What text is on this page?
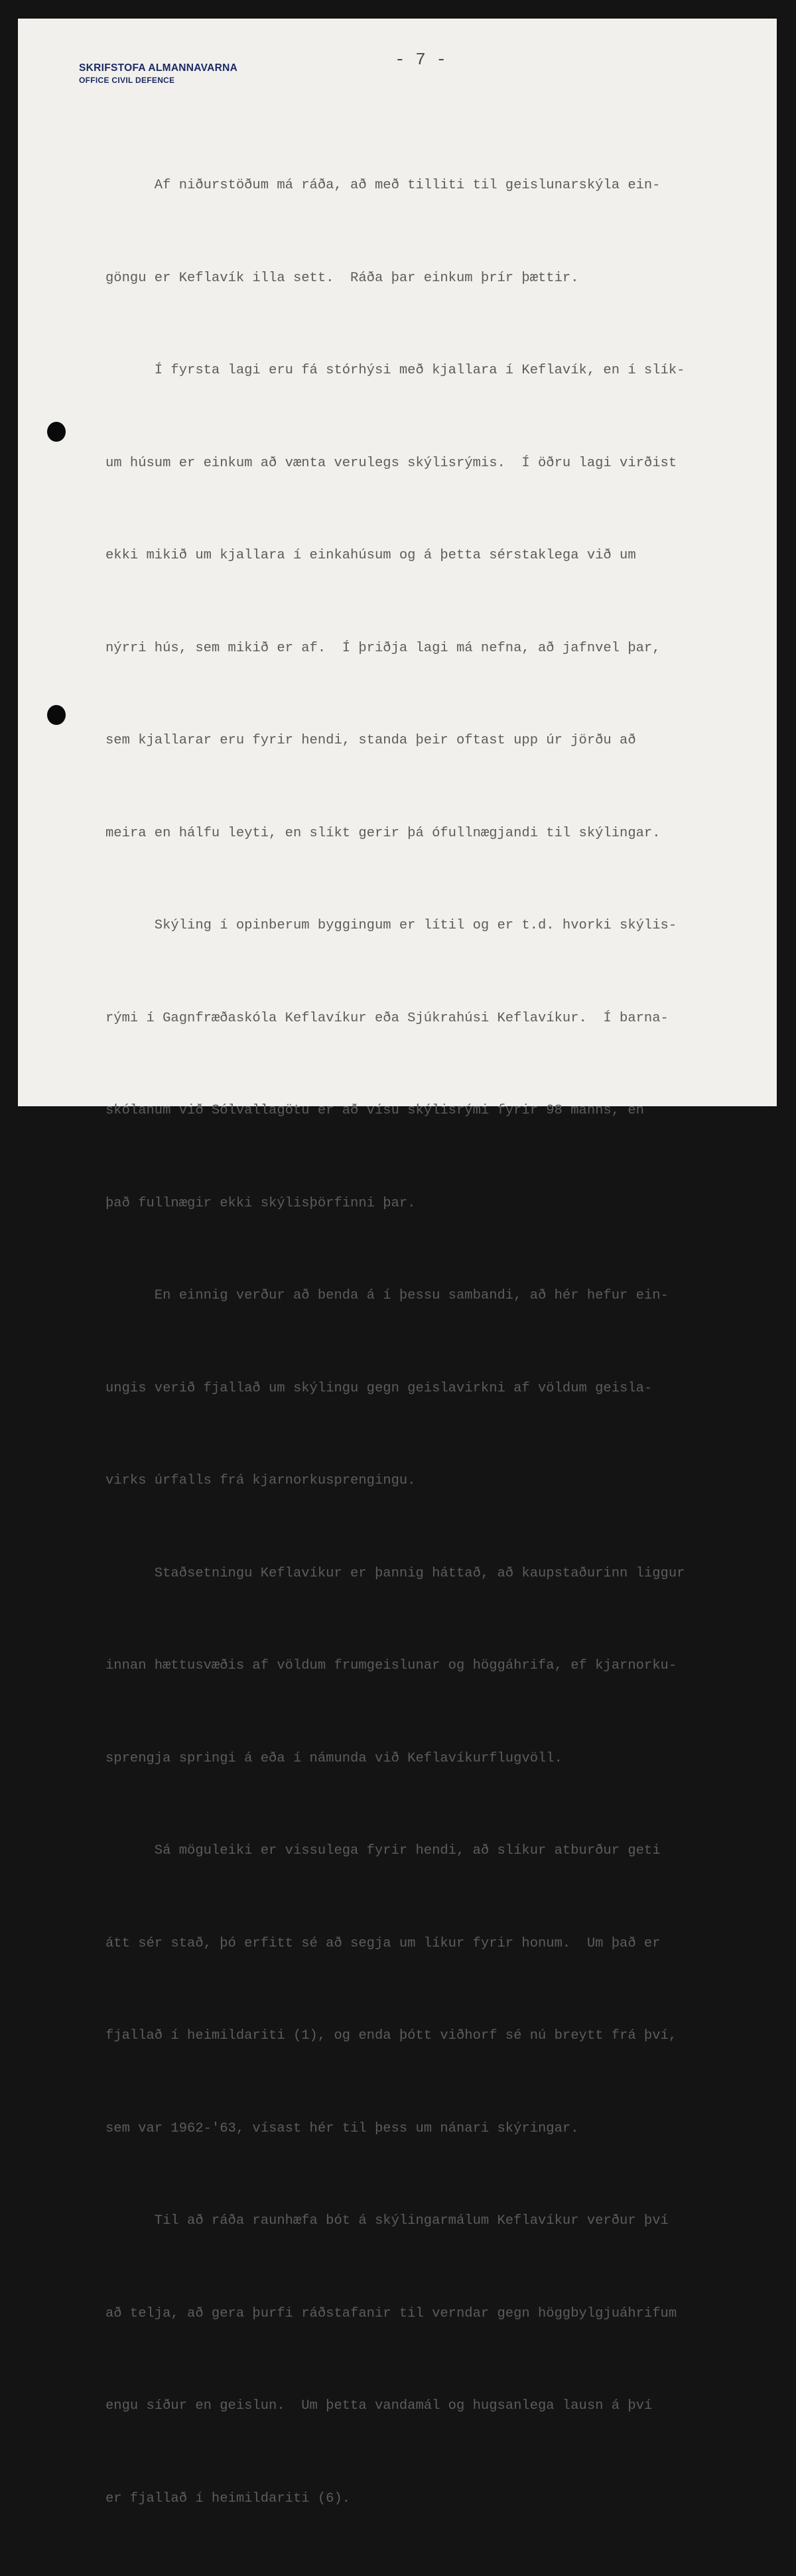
SKRIFSTOFA ALMANNAVARNA
OFFICE CIVIL DEFENCE
- 7 -

Af niðurstöðum má ráða, að með tilliti til geislunarskýla ein-

göngu er Keflavík illa sett.  Ráða þar einkum þrír þættir.

Í fyrsta lagi eru fá stórhýsi með kjallara í Keflavík, en í slík-

um húsum er einkum að vænta verulegs skýlisrýmis.  Í öðru lagi virðist

ekki mikið um kjallara í einkahúsum og á þetta sérstaklega við um

nýrri hús, sem mikið er af.  Í þriðja lagi má nefna, að jafnvel þar,

sem kjallarar eru fyrir hendi, standa þeir oftast upp úr jörðu að

meira en hálfu leyti, en slíkt gerir þá ófullnægjandi til skýlingar.

Skýling í opinberum byggingum er lítil og er t.d. hvorki skýlis-

rými í Gagnfræðaskóla Keflavíkur eða Sjúkrahúsi Keflavíkur.  Í barna-

skólanum við Sólvallagötu er að vísu skýlisrými fyrir 98 manns, en

það fullnægir ekki skýlisþörfinni þar.

En einnig verður að benda á í þessu sambandi, að hér hefur ein-

ungis verið fjallað um skýlingu gegn geislavirkni af völdum geisla-

virks úrfalls frá kjarnorkusprengingu.

Staðsetningu Keflavíkur er þannig háttað, að kaupstaðurinn liggur

innan hættusvæðis af völdum frumgeislunar og höggáhrifa, ef kjarnorku-

sprengja springi á eða í námunda við Keflavíkurflugvöll.

Sá möguleiki er vissulega fyrir hendi, að slíkur atburður geti

átt sér stað, þó erfitt sé að segja um líkur fyrir honum.  Um það er

fjallað í heimildariti (1), og enda þótt viðhorf sé nú breytt frá því,

sem var 1962-'63, vísast hér til þess um nánari skýringar.

Til að ráða raunhæfa bót á skýlingarmálum Keflavíkur verður því

að telja, að gera þurfi ráðstafanir til verndar gegn höggbylgjuáhrifum

engu síður en geislun.  Um þetta vandamál og hugsanlega lausn á því

er fjallað í heimildariti (6).
